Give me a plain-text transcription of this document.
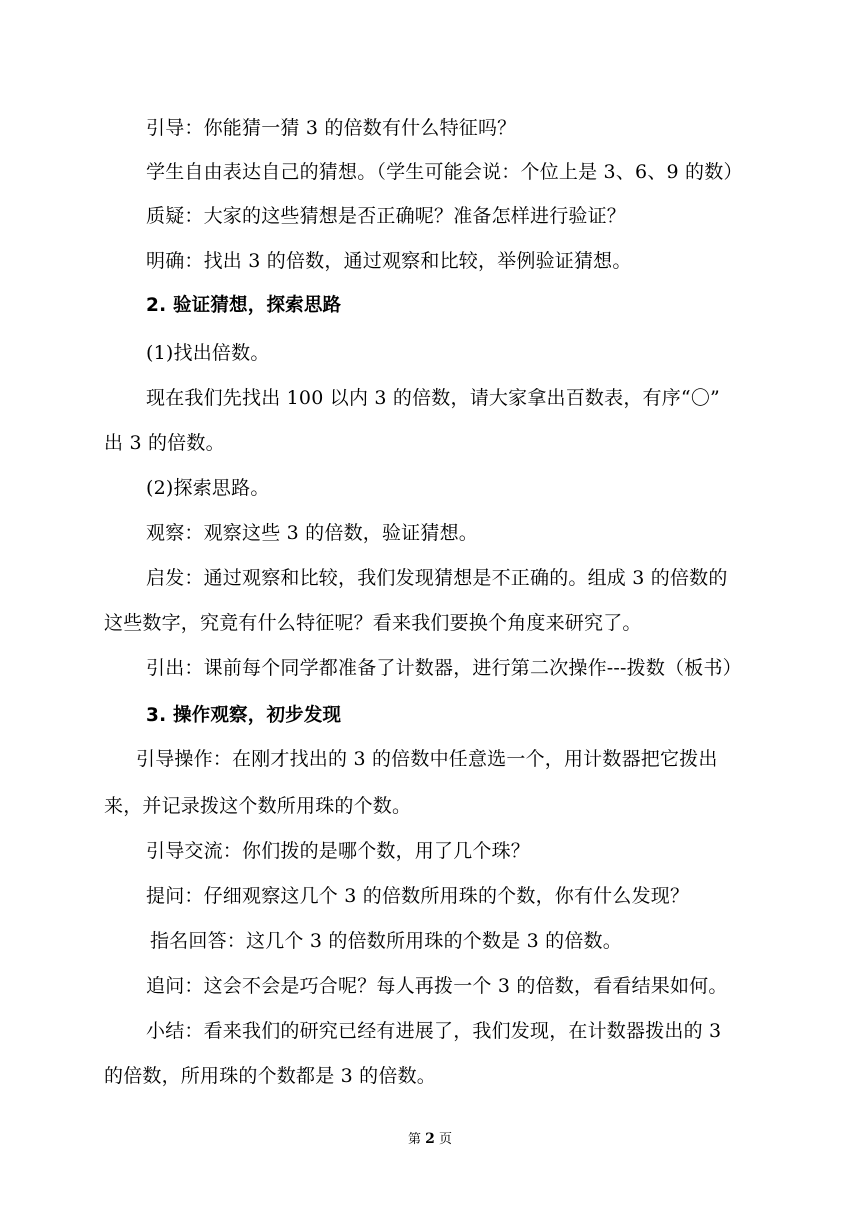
引导：你能猜一猜 3 的倍数有什么特征吗？

学生自由表达自己的猜想。（学生可能会说：个位上是 3、6、9 的数）

质疑：大家的这些猜想是否正确呢？准备怎样进行验证？

明确：找出 3 的倍数，通过观察和比较，举例验证猜想。

2. 验证猜想，探索思路

(1)找出倍数。

现在我们先找出 100 以内 3 的倍数，请大家拿出百数表，有序“〇”

出 3 的倍数。

(2)探索思路。

观察：观察这些 3 的倍数，验证猜想。

启发：通过观察和比较，我们发现猜想是不正确的。组成 3 的倍数的

这些数字，究竟有什么特征呢？看来我们要换个角度来研究了。

引出：课前每个同学都准备了计数器，进行第二次操作---拨数（板书）

3. 操作观察，初步发现

引导操作：在刚才找出的 3 的倍数中任意选一个，用计数器把它拨出

来，并记录拨这个数所用珠的个数。

引导交流：你们拨的是哪个数，用了几个珠？

提问：仔细观察这几个 3 的倍数所用珠的个数，你有什么发现？

指名回答：这几个 3 的倍数所用珠的个数是 3 的倍数。

追问：这会不会是巧合呢？每人再拨一个 3 的倍数，看看结果如何。

小结：看来我们的研究已经有进展了，我们发现，在计数器拨出的 3

的倍数，所用珠的个数都是 3 的倍数。

第 2 页
